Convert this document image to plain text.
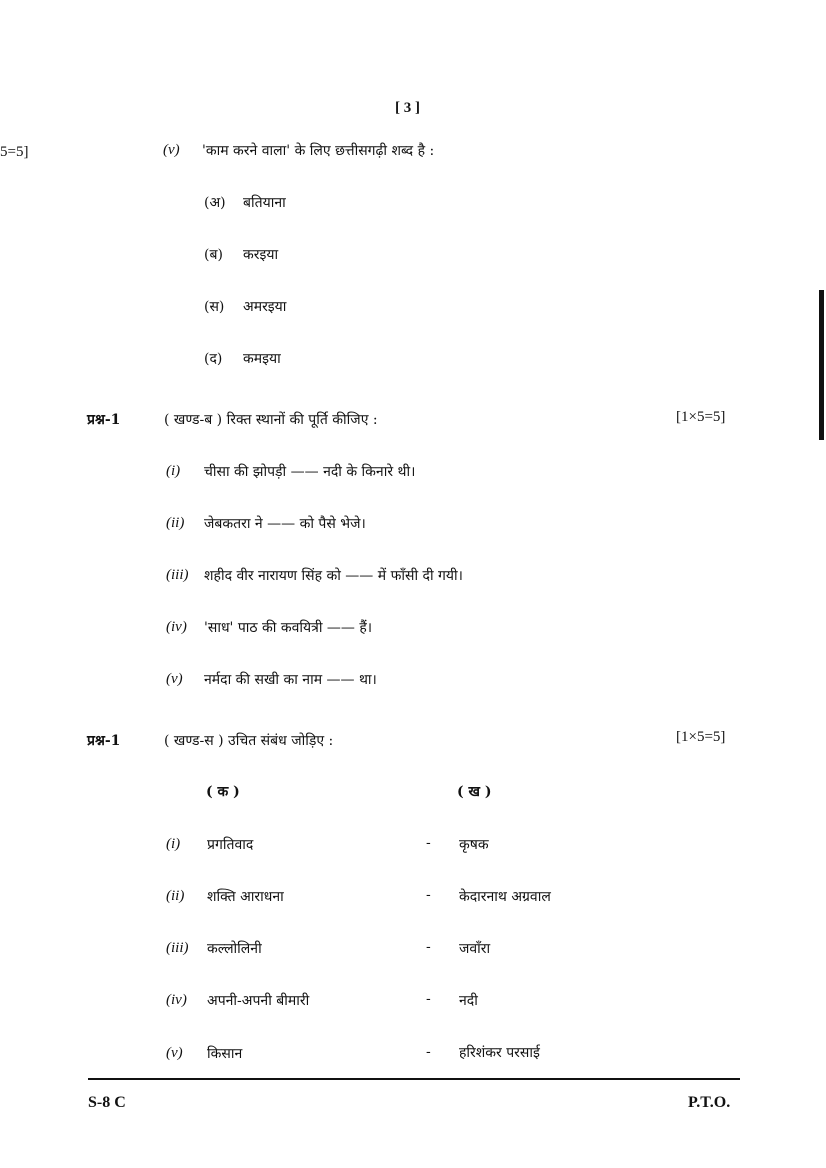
[ 3 ]
5=5]	(v) 'काम करने वाला' के लिए छत्तीसगढ़ी शब्द है :
(अ) बतियाना
(ब) करइया
(स) अमरइया
(द) कमइया
प्रश्न-1	( खण्ड-ब ) रिक्त स्थानों की पूर्ति कीजिए :	[1×5=5]
(i) चीसा की झोपड़ी —— नदी के किनारे थी।
(ii) जेबकतरा ने —— को पैसे भेजे।
(iii) शहीद वीर नारायण सिंह को —— में फाँसी दी गयी।
(iv) 'साध' पाठ की कवयित्री —— हैं।
(v) नर्मदा की सखी का नाम —— था।
प्रश्न-1	( खण्ड-स ) उचित संबंध जोड़िए :	[1×5=5]
( क )	( ख )
(i) प्रगतिवाद	- कृषक
(ii) शक्ति आराधना	- केदारनाथ अग्रवाल
(iii) कल्लोलिनी	- जवाँरा
(iv) अपनी-अपनी बीमारी	- नदी
(v) किसान	- हरिशंकर परसाई
S-8 C	P.T.O.
